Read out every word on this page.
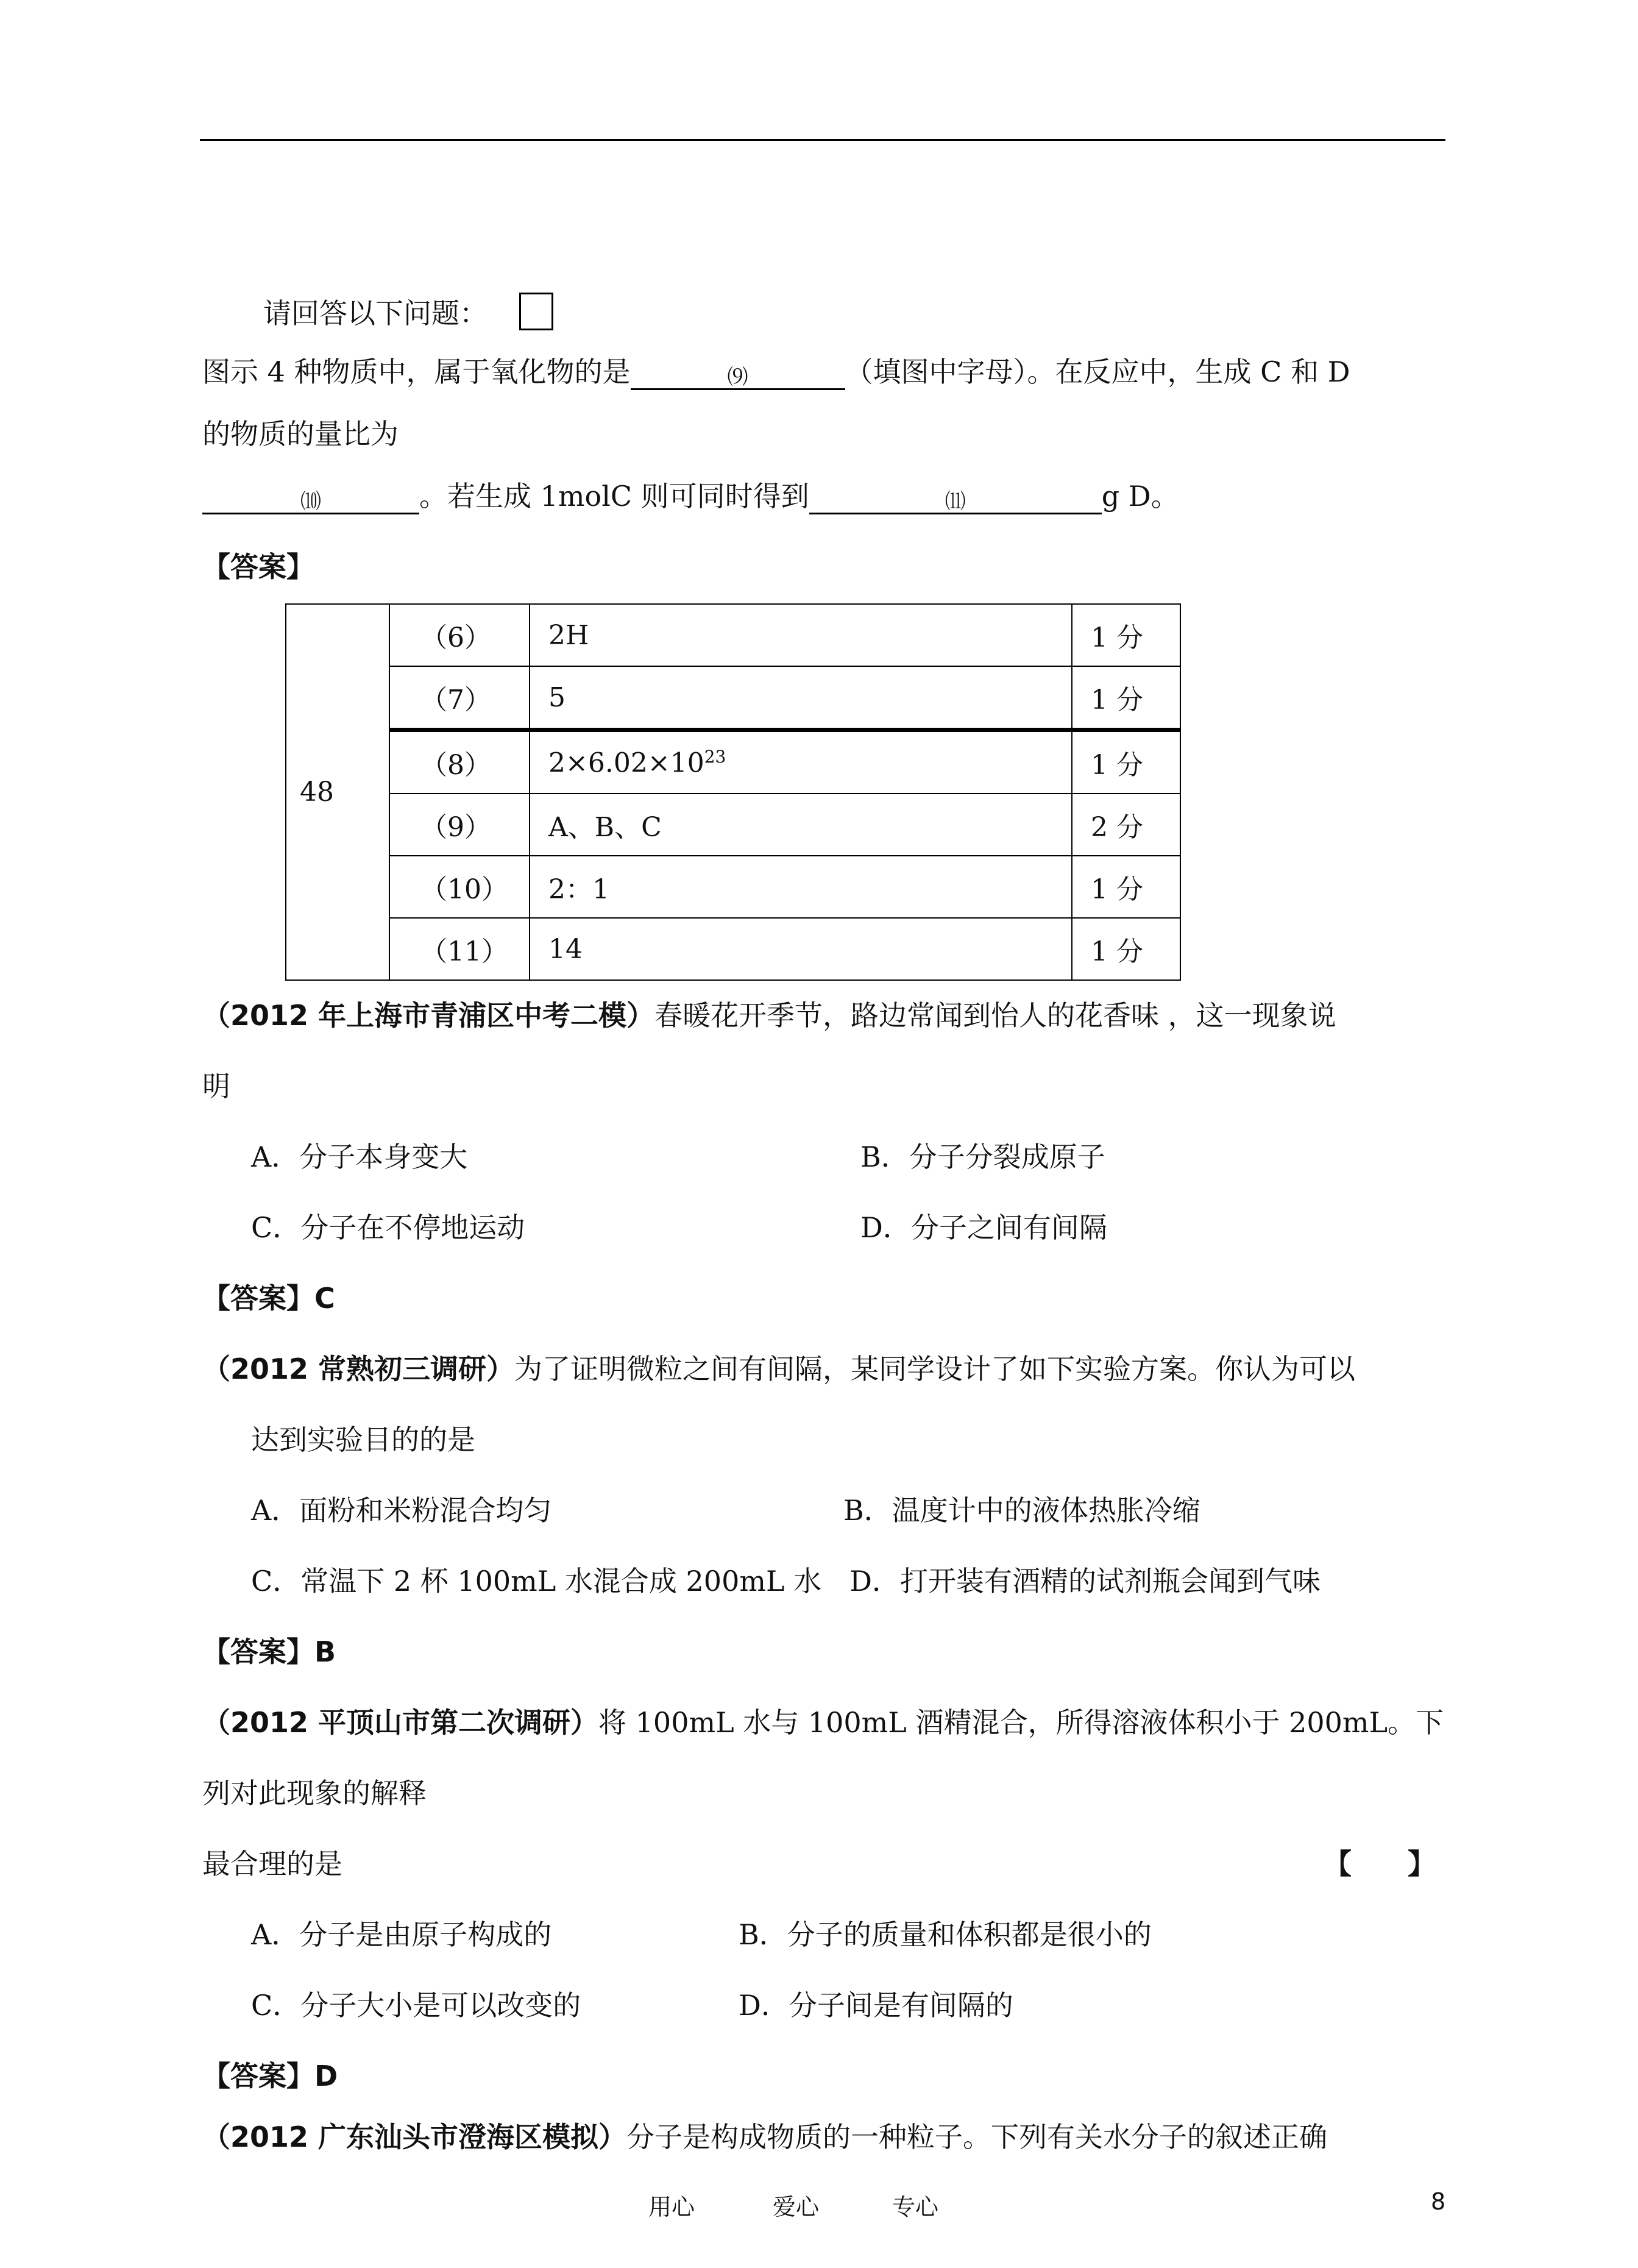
请回答以下问题：
图示 4 种物质中，属于氧化物的是	⑼	（填图中字母）。在反应中，生成 C 和 D
的物质的量比为
⑽	。若生成 1molC 则可同时得到	⑾	g D。
【答案】
48	（6）	2H	1 分
	（7）	5	1 分
	（8）	$2\times 6.02\times 10^{23}$	1 分
	（9）	A、B、C	2 分
	（10）	2：1	1 分
	（11）	14	1 分
（2012 年上海市青浦区中考二模）春暖花开季节，路边常闻到怡人的花香味 ，这一现象说
明
A．分子本身变大	B．分子分裂成原子
C．分子在不停地运动	D．分子之间有间隔
【答案】C
（2012 常熟初三调研）为了证明微粒之间有间隔，某同学设计了如下实验方案。你认为可以
达到实验目的的是
A．面粉和米粉混合均匀	B．温度计中的液体热胀冷缩
C．常温下 2 杯 100mL 水混合成 200mL 水　D．打开装有酒精的试剂瓶会闻到气味
【答案】B
（2012 平顶山市第二次调研）将 100mL 水与 100mL 酒精混合，所得溶液体积小于 200mL。下
列对此现象的解释
最合理的是	【　　】
A．分子是由原子构成的	B．分子的质量和体积都是很小的
C．分子大小是可以改变的	D．分子间是有间隔的
【答案】D
（2012 广东汕头市澄海区模拟）分子是构成物质的一种粒子。下列有关水分子的叙述正确
用心	爱心	专心	8
